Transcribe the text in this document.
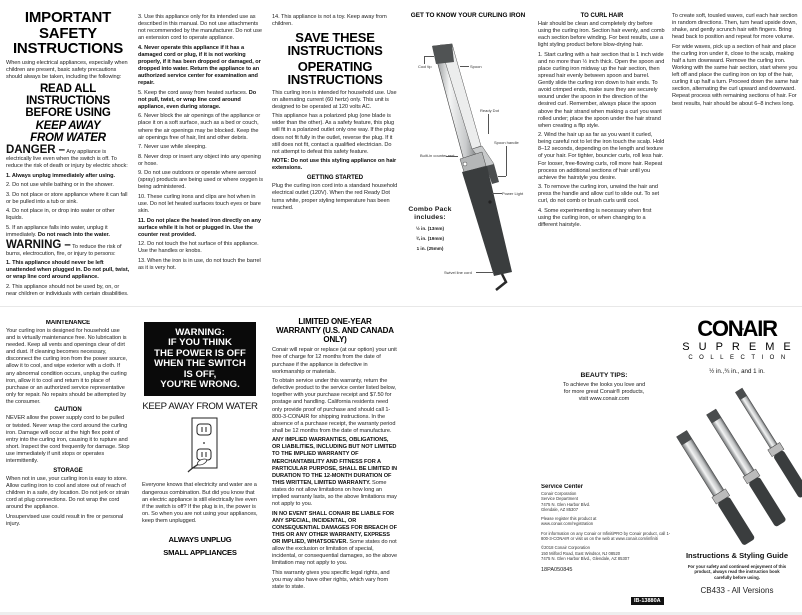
IMPORTANT SAFETY INSTRUCTIONS
When using electrical appliances, especially when children are present, basic safety precautions should always be taken, including the following:
READ ALL INSTRUCTIONS BEFORE USING
KEEP AWAY FROM WATER
DANGER – Any appliance is electrically live even when the switch is off. To reduce the risk of death or injury by electric shock:
1. Always unplug immediately after using.
2. Do not use while bathing or in the shower.
3. Do not place or store appliance where it can fall or be pulled into a tub or sink.
4. Do not place in, or drop into water or other liquids.
5. If an appliance falls into water, unplug it immediately. Do not reach into the water.
WARNING – To reduce the risk of burns, electrocution, fire, or injury to persons:
1. This appliance should never be left unattended when plugged in. Do not pull, twist, or wrap line cord around appliance.
2. This appliance should not be used by, on, or near children or individuals with certain disabilities.
3. Use this appliance only for its intended use as described in this manual. Do not use attachments not recommended by the manufacturer. Do not use an extension cord to operate appliance.
4. Never operate this appliance if it has a damaged cord or plug, if it is not working properly, if it has been dropped or damaged, or dropped into water. Return the appliance to an authorized service center for examination and repair.
5. Keep the cord away from heated surfaces. Do not pull, twist, or wrap line cord around appliance, even during storage.
6. Never block the air openings of the appliance or place it on a soft surface, such as a bed or couch, where the air openings may be blocked. Keep the air openings free of hair, lint and other debris.
7. Never use while sleeping.
8. Never drop or insert any object into any opening or hose.
9. Do not use outdoors or operate where aerosol (spray) products are being used or where oxygen is being administered.
10. These curling irons and clips are hot when in use. Do not let heated surfaces touch eyes or bare skin.
11. Do not place the heated iron directly on any surface while it is hot or plugged in. Use the counter rest provided.
12. Do not touch the hot surface of this appliance. Use the handles or knobs.
13. When the iron is in use, do not touch the barrel as it is very hot.
14. This appliance is not a toy. Keep away from children.
SAVE THESE INSTRUCTIONS
OPERATING INSTRUCTIONS
This curling iron is intended for household use. Use on alternating current (60 hertz) only. This unit is designed to be operated at 120 volts AC.
This appliance has a polarized plug (one blade is wider than the other). As a safety feature, this plug will fit in a polarized outlet only one way. If the plug does not fit fully in the outlet, reverse the plug. If it still does not fit, contact a qualified electrician. Do not attempt to defeat this safety feature.
NOTE: Do not use this styling appliance on hair extensions.
GETTING STARTED
Plug the curling iron cord into a standard household electrical outlet (120V). When the red Ready Dot turns white, proper styling temperature has been reached.
GET TO KNOW YOUR CURLING IRON
Cool tip	Spoon
Ready Dot
Spoon handle
Built-in counter rest
Power Light
Swivel line cord
Combo Pack includes:
½ in. (13mm)
¾ in. (19mm)
1 in. (25mm)
TO CURL HAIR
Hair should be clean and completely dry before using the curling iron. Section hair evenly, and comb each section before winding. For best results, use a light styling product before blow-drying hair.
1. Start curling with a hair section that is 1 inch wide and no more than ½ inch thick. Open the spoon and place curling iron midway up the hair section, then spread hair evenly between spoon and barrel. Gently slide the curling iron down to hair ends. To avoid crimped ends, make sure they are securely wound under the spoon in the direction of the desired curl. Remember, always place the spoon above the hair strand when making a curl you want rolled under; place the spoon under the hair strand when creating a flip style.
2. Wind the hair up as far as you want it curled, being careful not to let the iron touch the scalp. Hold 8–12 seconds, depending on the length and texture of your hair. For tighter, bouncier curls, roll less hair. For looser, free-flowing curls, roll more hair. Repeat process on additional sections of hair until you achieve the hairstyle you desire.
3. To remove the curling iron, unwind the hair and press the handle and allow curl to slide out. To set curl, do not comb or brush curls until cool.
4. Some experimenting is necessary when first using the curling iron, or when changing to a different hairstyle.
To create soft, tousled waves, curl each hair section in random directions. Then, turn head upside down, shake, and gently scrunch hair with fingers. Bring head back to position and repeat for more volume.
For wide waves, pick up a section of hair and place the curling iron under it, close to the scalp, making half a turn downward. Remove the curling iron. Working with the same hair section, start where you left off and place the curling iron on top of the hair, curling it up half a turn. Proceed down the same hair section, alternating the curl upward and downward. Repeat process with remaining sections of hair. For best results, hair should be about 6–8 inches long.
MAINTENANCE
Your curling iron is designed for household use and is virtually maintenance free. No lubrication is needed. Keep all vents and openings clear of dirt and dust. If cleaning becomes necessary, disconnect the curling iron from the power source, allow it to cool, and wipe exterior with a cloth. If any abnormal condition occurs, unplug the curling iron, allow it to cool and return it to place of purchase or an authorized service representative only for repair. No repairs should be attempted by the consumer.
CAUTION
NEVER allow the power supply cord to be pulled or twisted. Never wrap the cord around the curling iron. Damage will occur at the high flex point of entry into the curling iron, causing it to rupture and short. Inspect the cord frequently for damage. Stop use immediately if unit stops or operates intermittently.
STORAGE
When not in use, your curling iron is easy to store. Allow curling iron to cool and store out of reach of children in a safe, dry location. Do not jerk or strain cord at plug connections. Do not wrap the cord around the appliance.
Unsupervised use could result in fire or personal injury.
WARNING:
IF YOU THINK
THE POWER IS OFF
WHEN THE SWITCH
IS OFF,
YOU'RE WRONG.
KEEP AWAY FROM WATER
Everyone knows that electricity and water are a dangerous combination. But did you know that an electric appliance is still electrically live even if the switch is off? If the plug is in, the power is on. So when you are not using your appliances, keep them unplugged.
ALWAYS UNPLUG
SMALL APPLIANCES
LIMITED ONE-YEAR WARRANTY (U.S. AND CANADA ONLY)
Conair will repair or replace (at our option) your unit free of charge for 12 months from the date of purchase if the appliance is defective in workmanship or materials.
To obtain service under this warranty, return the defective product to the service center listed below, together with your purchase receipt and $7.50 for postage and handling. California residents need only provide proof of purchase and should call 1-800-3-CONAIR for shipping instructions. In the absence of a purchase receipt, the warranty period shall be 12 months from the date of manufacture.
ANY IMPLIED WARRANTIES, OBLIGATIONS, OR LIABILITIES, INCLUDING BUT NOT LIMITED TO THE IMPLIED WARRANTY OF MERCHANTABILITY AND FITNESS FOR A PARTICULAR PURPOSE, SHALL BE LIMITED IN DURATION TO THE 12-MONTH DURATION OF THIS WRITTEN, LIMITED WARRANTY. Some states do not allow limitations on how long an implied warranty lasts, so the above limitations may not apply to you.
IN NO EVENT SHALL CONAIR BE LIABLE FOR ANY SPECIAL, INCIDENTAL, OR CONSEQUENTIAL DAMAGES FOR BREACH OF THIS OR ANY OTHER WARRANTY, EXPRESS OR IMPLIED, WHATSOEVER. Some states do not allow the exclusion or limitation of special, incidental, or consequential damages, so the above limitation may not apply to you.
This warranty gives you specific legal rights, and you may also have other rights, which vary from state to state.
BEAUTY TIPS:
To achieve the looks you love and
for more great Conair® products,
visit www.conair.com
Service Center
Conair Corporation
Service Department
7475 N. Glen Harbor Blvd.
Glendale, AZ 85307
Please register this product at www.conair.com/registration
For information on any Conair or InfinitiPRO by Conair product, call 1-800-3-CONAIR or visit us on the web at www.conair.com/infiniti
©2018 Conair Corporation
150 Milford Road, East Windsor, NJ 08520
7475 N. Glen Harbor Blvd., Glendale, AZ 85307
18PA050845
IB-13880A
CONAIR
SUPREME
COLLECTION
½ in.,¾ in., and 1 in.
Instructions & Styling Guide
For your safety and continued enjoyment of this product, always read the instruction book carefully before using.
CB433 - All Versions
